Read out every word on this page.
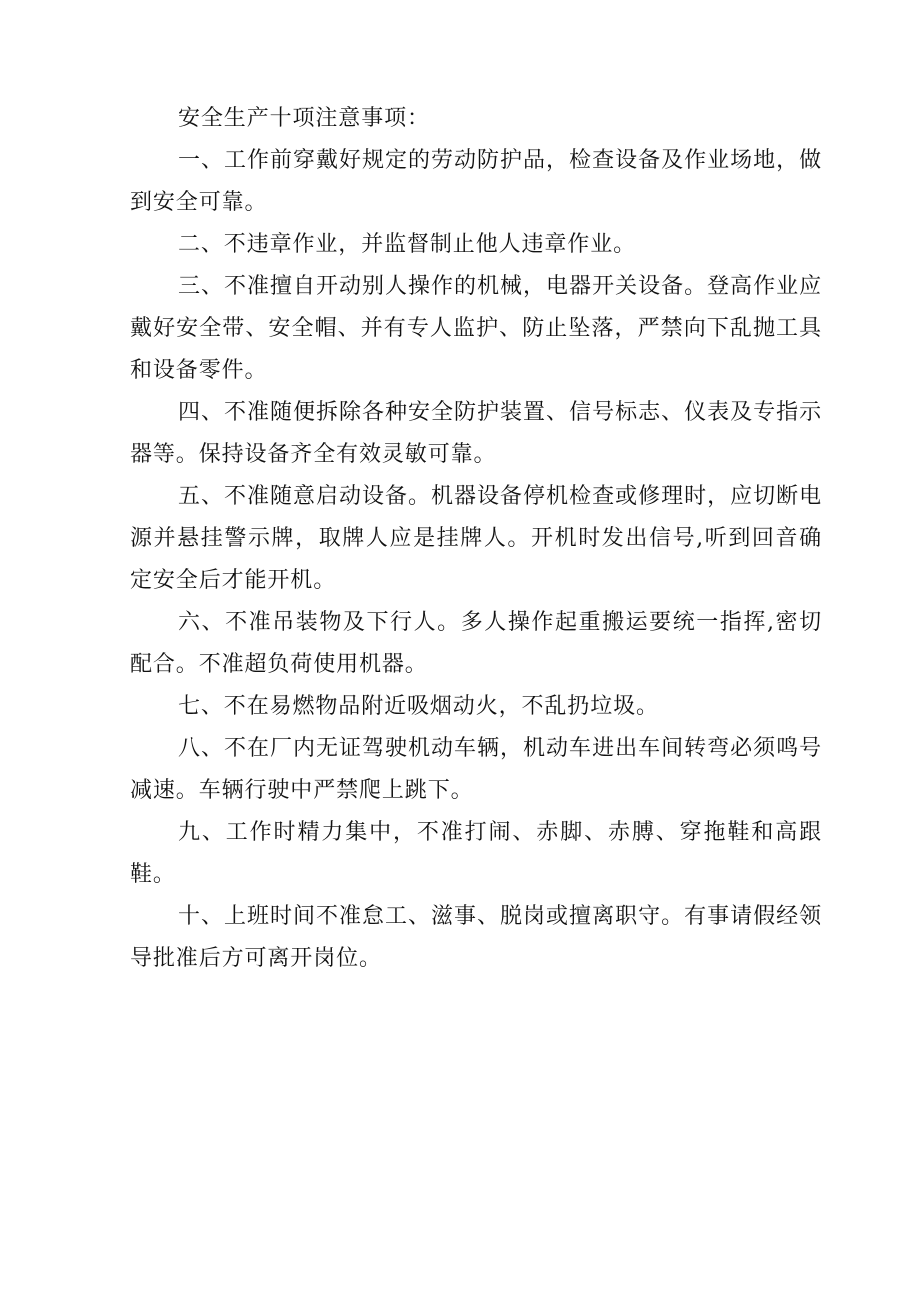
安全生产十项注意事项：

一、工作前穿戴好规定的劳动防护品，检查设备及作业场地，做到安全可靠。

二、不违章作业，并监督制止他人违章作业。

三、不准擅自开动别人操作的机械，电器开关设备。登高作业应戴好安全带、安全帽、并有专人监护、防止坠落，严禁向下乱抛工具和设备零件。

四、不准随便拆除各种安全防护装置、信号标志、仪表及专指示器等。保持设备齐全有效灵敏可靠。

五、不准随意启动设备。机器设备停机检查或修理时，应切断电源并悬挂警示牌，取牌人应是挂牌人。开机时发出信号,听到回音确定安全后才能开机。

六、不准吊装物及下行人。多人操作起重搬运要统一指挥,密切配合。不准超负荷使用机器。

七、不在易燃物品附近吸烟动火，不乱扔垃圾。

八、不在厂内无证驾驶机动车辆，机动车进出车间转弯必须鸣号减速。车辆行驶中严禁爬上跳下。

九、工作时精力集中，不准打闹、赤脚、赤膊、穿拖鞋和高跟鞋。

十、上班时间不准怠工、滋事、脱岗或擅离职守。有事请假经领导批准后方可离开岗位。
